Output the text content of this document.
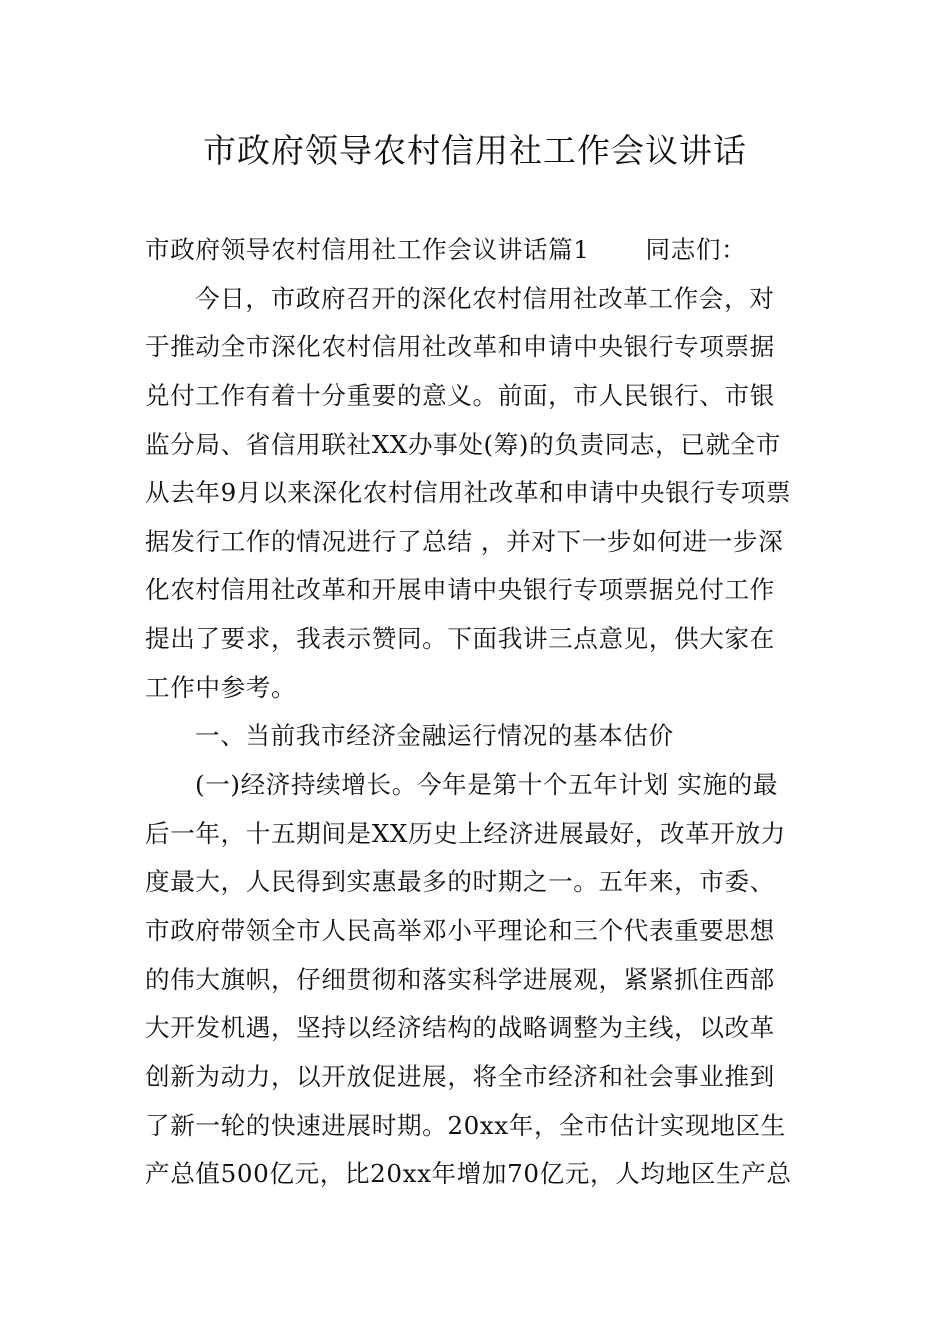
市政府领导农村信用社工作会议讲话
市政府领导农村信用社工作会议讲话篇1 同志们：
今日，市政府召开的深化农村信用社改革工作会，对
于推动全市深化农村信用社改革和申请中央银行专项票据
兑付工作有着十分重要的意义。前面，市人民银行、市银
监分局、省信用联社XX办事处(筹)的负责同志，已就全市
从去年9月以来深化农村信用社改革和申请中央银行专项票
据发行工作的情况进行了总结 ，并对下一步如何进一步深
化农村信用社改革和开展申请中央银行专项票据兑付工作
提出了要求，我表示赞同。下面我讲三点意见，供大家在
工作中参考。
一、当前我市经济金融运行情况的基本估价
(一)经济持续增长。今年是第十个五年计划 实施的最
后一年，十五期间是XX历史上经济进展最好，改革开放力
度最大，人民得到实惠最多的时期之一。五年来，市委、
市政府带领全市人民高举邓小平理论和三个代表重要思想
的伟大旗帜，仔细贯彻和落实科学进展观，紧紧抓住西部
大开发机遇，坚持以经济结构的战略调整为主线，以改革
创新为动力，以开放促进展，将全市经济和社会事业推到
了新一轮的快速进展时期。20xx年，全市估计实现地区生
产总值500亿元，比20xx年增加70亿元，人均地区生产总
